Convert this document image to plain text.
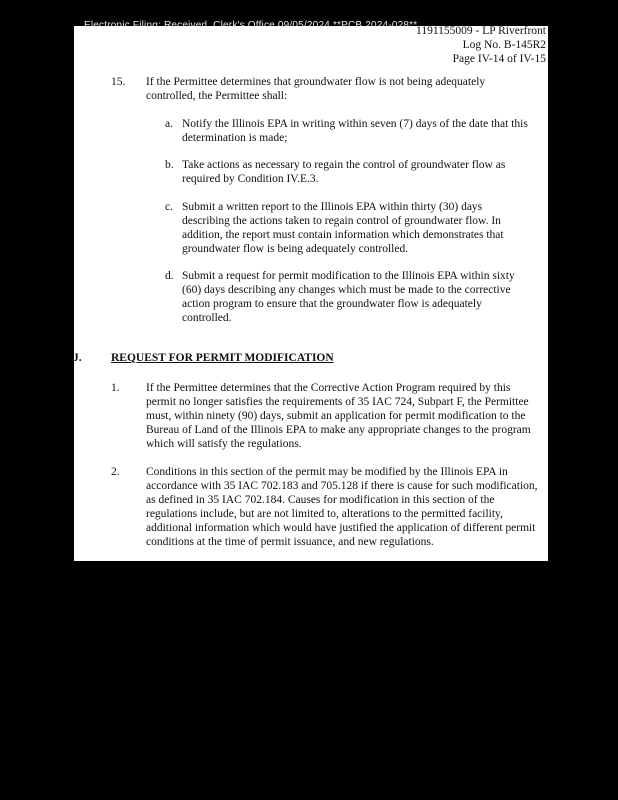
1191155009 - LP Riverfront
Log No. B-145R2
Page IV-14 of IV-15
15. If the Permittee determines that groundwater flow is not being adequately controlled, the Permittee shall:
a. Notify the Illinois EPA in writing within seven (7) days of the date that this determination is made;
b. Take actions as necessary to regain the control of groundwater flow as required by Condition IV.E.3.
c. Submit a written report to the Illinois EPA within thirty (30) days describing the actions taken to regain control of groundwater flow. In addition, the report must contain information which demonstrates that groundwater flow is being adequately controlled.
d. Submit a request for permit modification to the Illinois EPA within sixty (60) days describing any changes which must be made to the corrective action program to ensure that the groundwater flow is adequately controlled.
J.	REQUEST FOR PERMIT MODIFICATION
1. If the Permittee determines that the Corrective Action Program required by this permit no longer satisfies the requirements of 35 IAC 724, Subpart F, the Permittee must, within ninety (90) days, submit an application for permit modification to the Bureau of Land of the Illinois EPA to make any appropriate changes to the program which will satisfy the regulations.
2. Conditions in this section of the permit may be modified by the Illinois EPA in accordance with 35 IAC 702.183 and 705.128 if there is cause for such modification, as defined in 35 IAC 702.184. Causes for modification in this section of the regulations include, but are not limited to, alterations to the permitted facility, additional information which would have justified the application of different permit conditions at the time of permit issuance, and new regulations.
